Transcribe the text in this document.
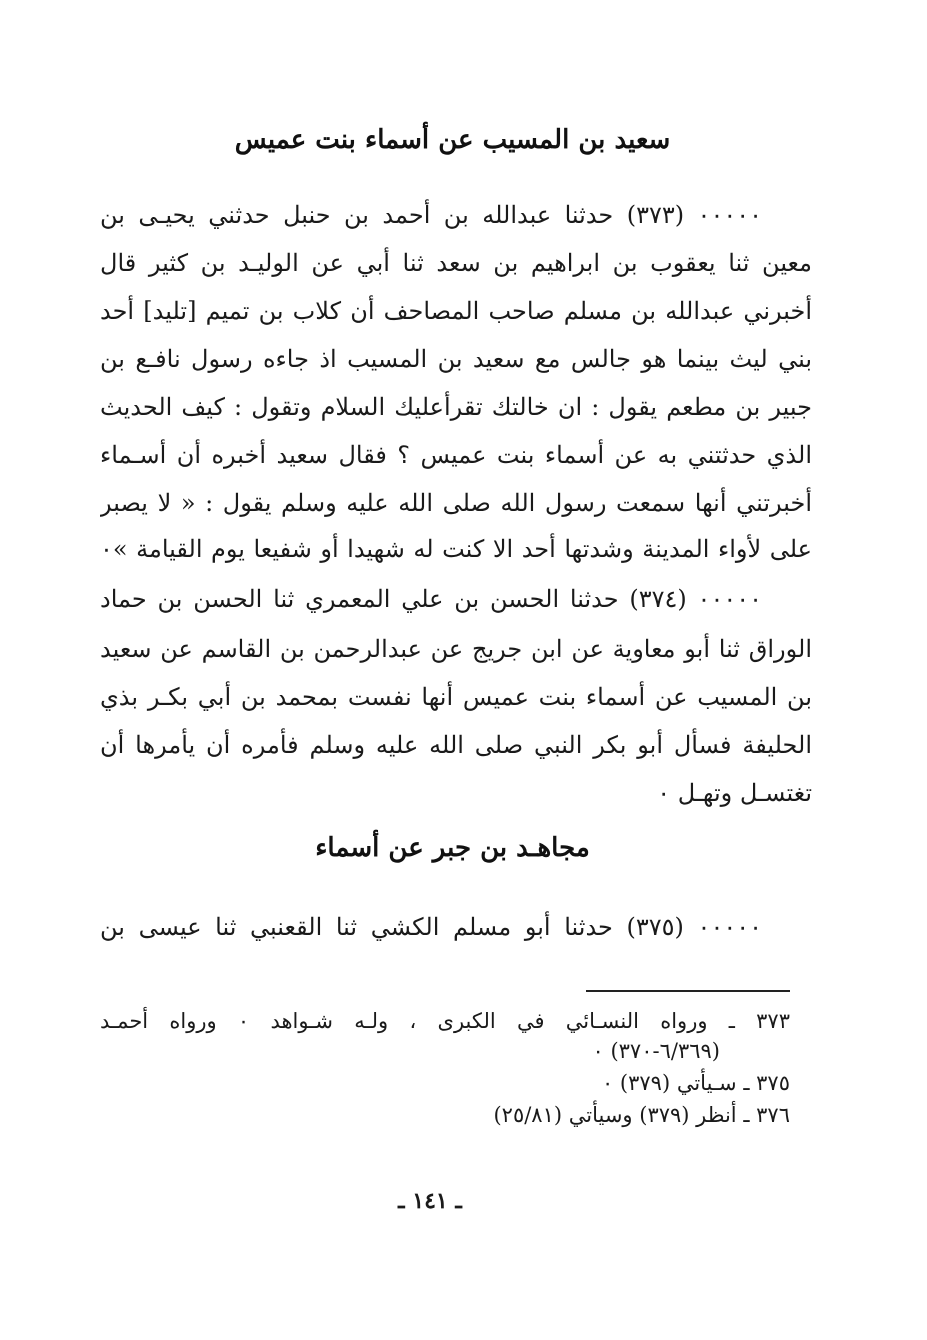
سعيد بن المسيب عن أسماء بنت عميس
٠٠٠٠٠ (٣٧٣) حدثنا عبدالله بن أحمد بن حنبل حدثني يحيـى بن
معين ثنا يعقوب بن ابراهيم بن سعد ثنا أبي عن الوليـد بن كثير قال
أخبرني عبدالله بن مسلم صاحب المصاحف أن كلاب بن تميم [تليد] أحد
بني ليث بينما هو جالس مع سعيد بن المسيب اذ جاءه رسول نافـع بن
جبير بن مطعم يقول : ان خالتك تقرأعليك السلام وتقول : كيف الحديث
الذي حدثتني به عن أسماء بنت عميس ؟ فقال سعيد أخبره أن أسـماء
أخبرتني أنها سمعت رسول الله صلى الله عليه وسلم يقول : « لا يصبر
على لأواء المدينة وشدتها أحد الا كنت له شهيدا أو شفيعا يوم القيامة »٠
٠٠٠٠٠ (٣٧٤) حدثنا الحسن بن علي المعمري ثنا الحسن بن حماد
الوراق ثنا أبو معاوية عن ابن جريج عن عبدالرحمن بن القاسم عن سعيد
بن المسيب عن أسماء بنت عميس أنها نفست بمحمد بن أبي بكـر بذي
الحليفة فسأل أبو بكر النبي صلى الله عليه وسلم فأمره أن يأمرها أن
تغتسـل وتهـل ٠
مجاهـد بن جبر عن أسماء
٠٠٠٠٠ (٣٧٥) حدثنا أبو مسلم الكشي ثنا القعنبي ثنا عيسى بن
٣٧٣ ـ ورواه النسـائي في الكبرى ، ولـه شـواهد ٠ ورواه أحمـد
(٦/٣٦٩-٣٧٠) ٠
٣٧٥ ـ سـيأتي (٣٧٩) ٠
٣٧٦ ـ أنظر (٣٧٩) وسيأتي (٢٥/٨١)
ـ ١٤١ ـ
